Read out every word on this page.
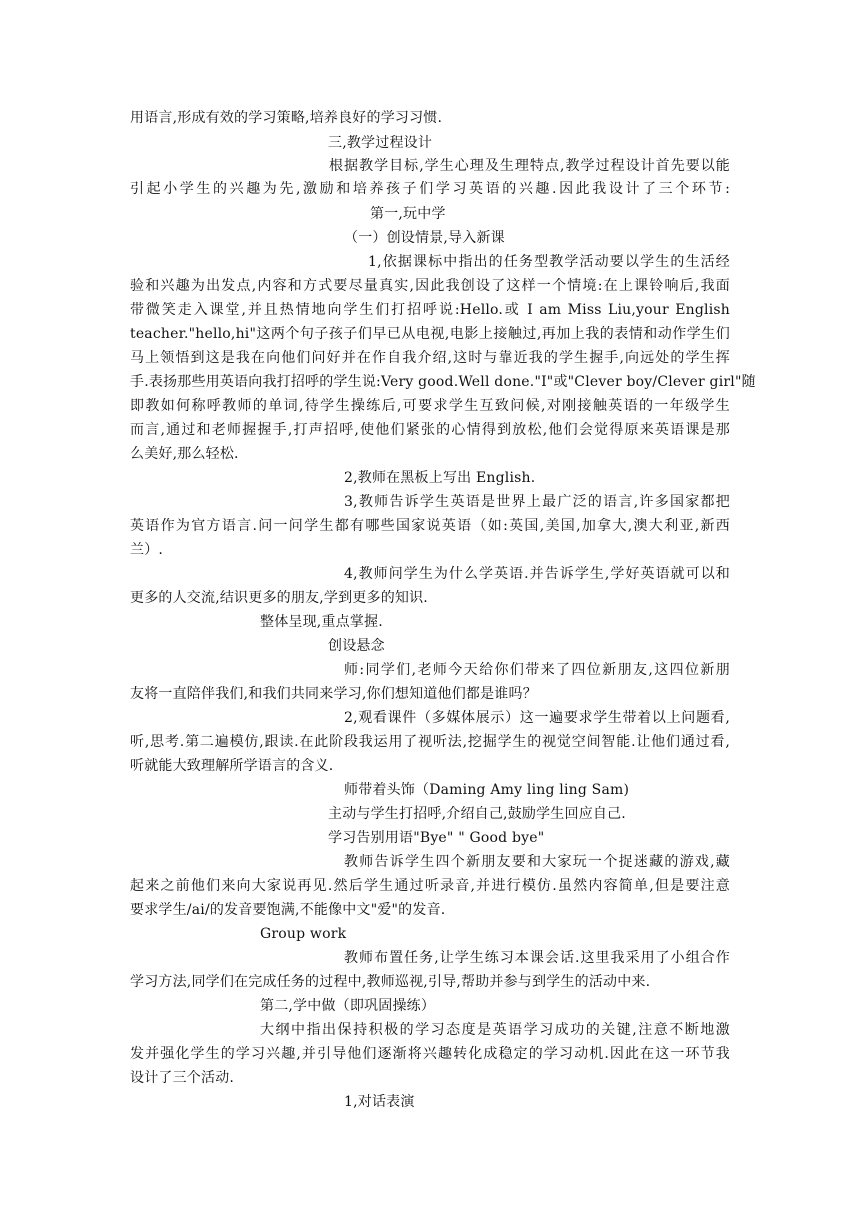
用语言,形成有效的学习策略,培养良好的学习习惯.
三,教学过程设计
根据教学目标,学生心理及生理特点,教学过程设计首先要以能
引起小学生的兴趣为先,激励和培养孩子们学习英语的兴趣.因此我设计了三个环节:
第一,玩中学
（一）创设情景,导入新课
1,依据课标中指出的任务型教学活动要以学生的生活经
验和兴趣为出发点,内容和方式要尽量真实,因此我创设了这样一个情境:在上课铃响后,我面
带微笑走入课堂,并且热情地向学生们打招呼说:Hello.或 I am Miss Liu,your English
teacher."hello,hi"这两个句子孩子们早已从电视,电影上接触过,再加上我的表情和动作学生们
马上领悟到这是我在向他们问好并在作自我介绍,这时与靠近我的学生握手,向远处的学生挥
手.表扬那些用英语向我打招呼的学生说:Very good.Well done."I"或"Clever boy/Clever girl"随
即教如何称呼教师的单词,待学生操练后,可要求学生互致问候,对刚接触英语的一年级学生
而言,通过和老师握握手,打声招呼,使他们紧张的心情得到放松,他们会觉得原来英语课是那
么美好,那么轻松.
2,教师在黑板上写出 English.
3,教师告诉学生英语是世界上最广泛的语言,许多国家都把
英语作为官方语言.问一问学生都有哪些国家说英语（如:英国,美国,加拿大,澳大利亚,新西
兰）.
4,教师问学生为什么学英语.并告诉学生,学好英语就可以和
更多的人交流,结识更多的朋友,学到更多的知识.
整体呈现,重点掌握.
创设悬念
师:同学们,老师今天给你们带来了四位新朋友,这四位新朋
友将一直陪伴我们,和我们共同来学习,你们想知道他们都是谁吗？
2,观看课件（多媒体展示）这一遍要求学生带着以上问题看,
听,思考.第二遍模仿,跟读.在此阶段我运用了视听法,挖掘学生的视觉空间智能.让他们通过看,
听就能大致理解所学语言的含义.
师带着头饰（Daming Amy ling ling Sam)
主动与学生打招呼,介绍自己,鼓励学生回应自己.
学习告别用语"Bye" " Good bye"
教师告诉学生四个新朋友要和大家玩一个捉迷藏的游戏,藏
起来之前他们来向大家说再见.然后学生通过听录音,并进行模仿.虽然内容简单,但是要注意
要求学生/ai/的发音要饱满,不能像中文"爱"的发音.
Group work
教师布置任务,让学生练习本课会话.这里我采用了小组合作
学习方法,同学们在完成任务的过程中,教师巡视,引导,帮助并参与到学生的活动中来.
第二,学中做（即巩固操练）
大纲中指出保持积极的学习态度是英语学习成功的关键,注意不断地激
发并强化学生的学习兴趣,并引导他们逐渐将兴趣转化成稳定的学习动机.因此在这一环节我
设计了三个活动.
1,对话表演
